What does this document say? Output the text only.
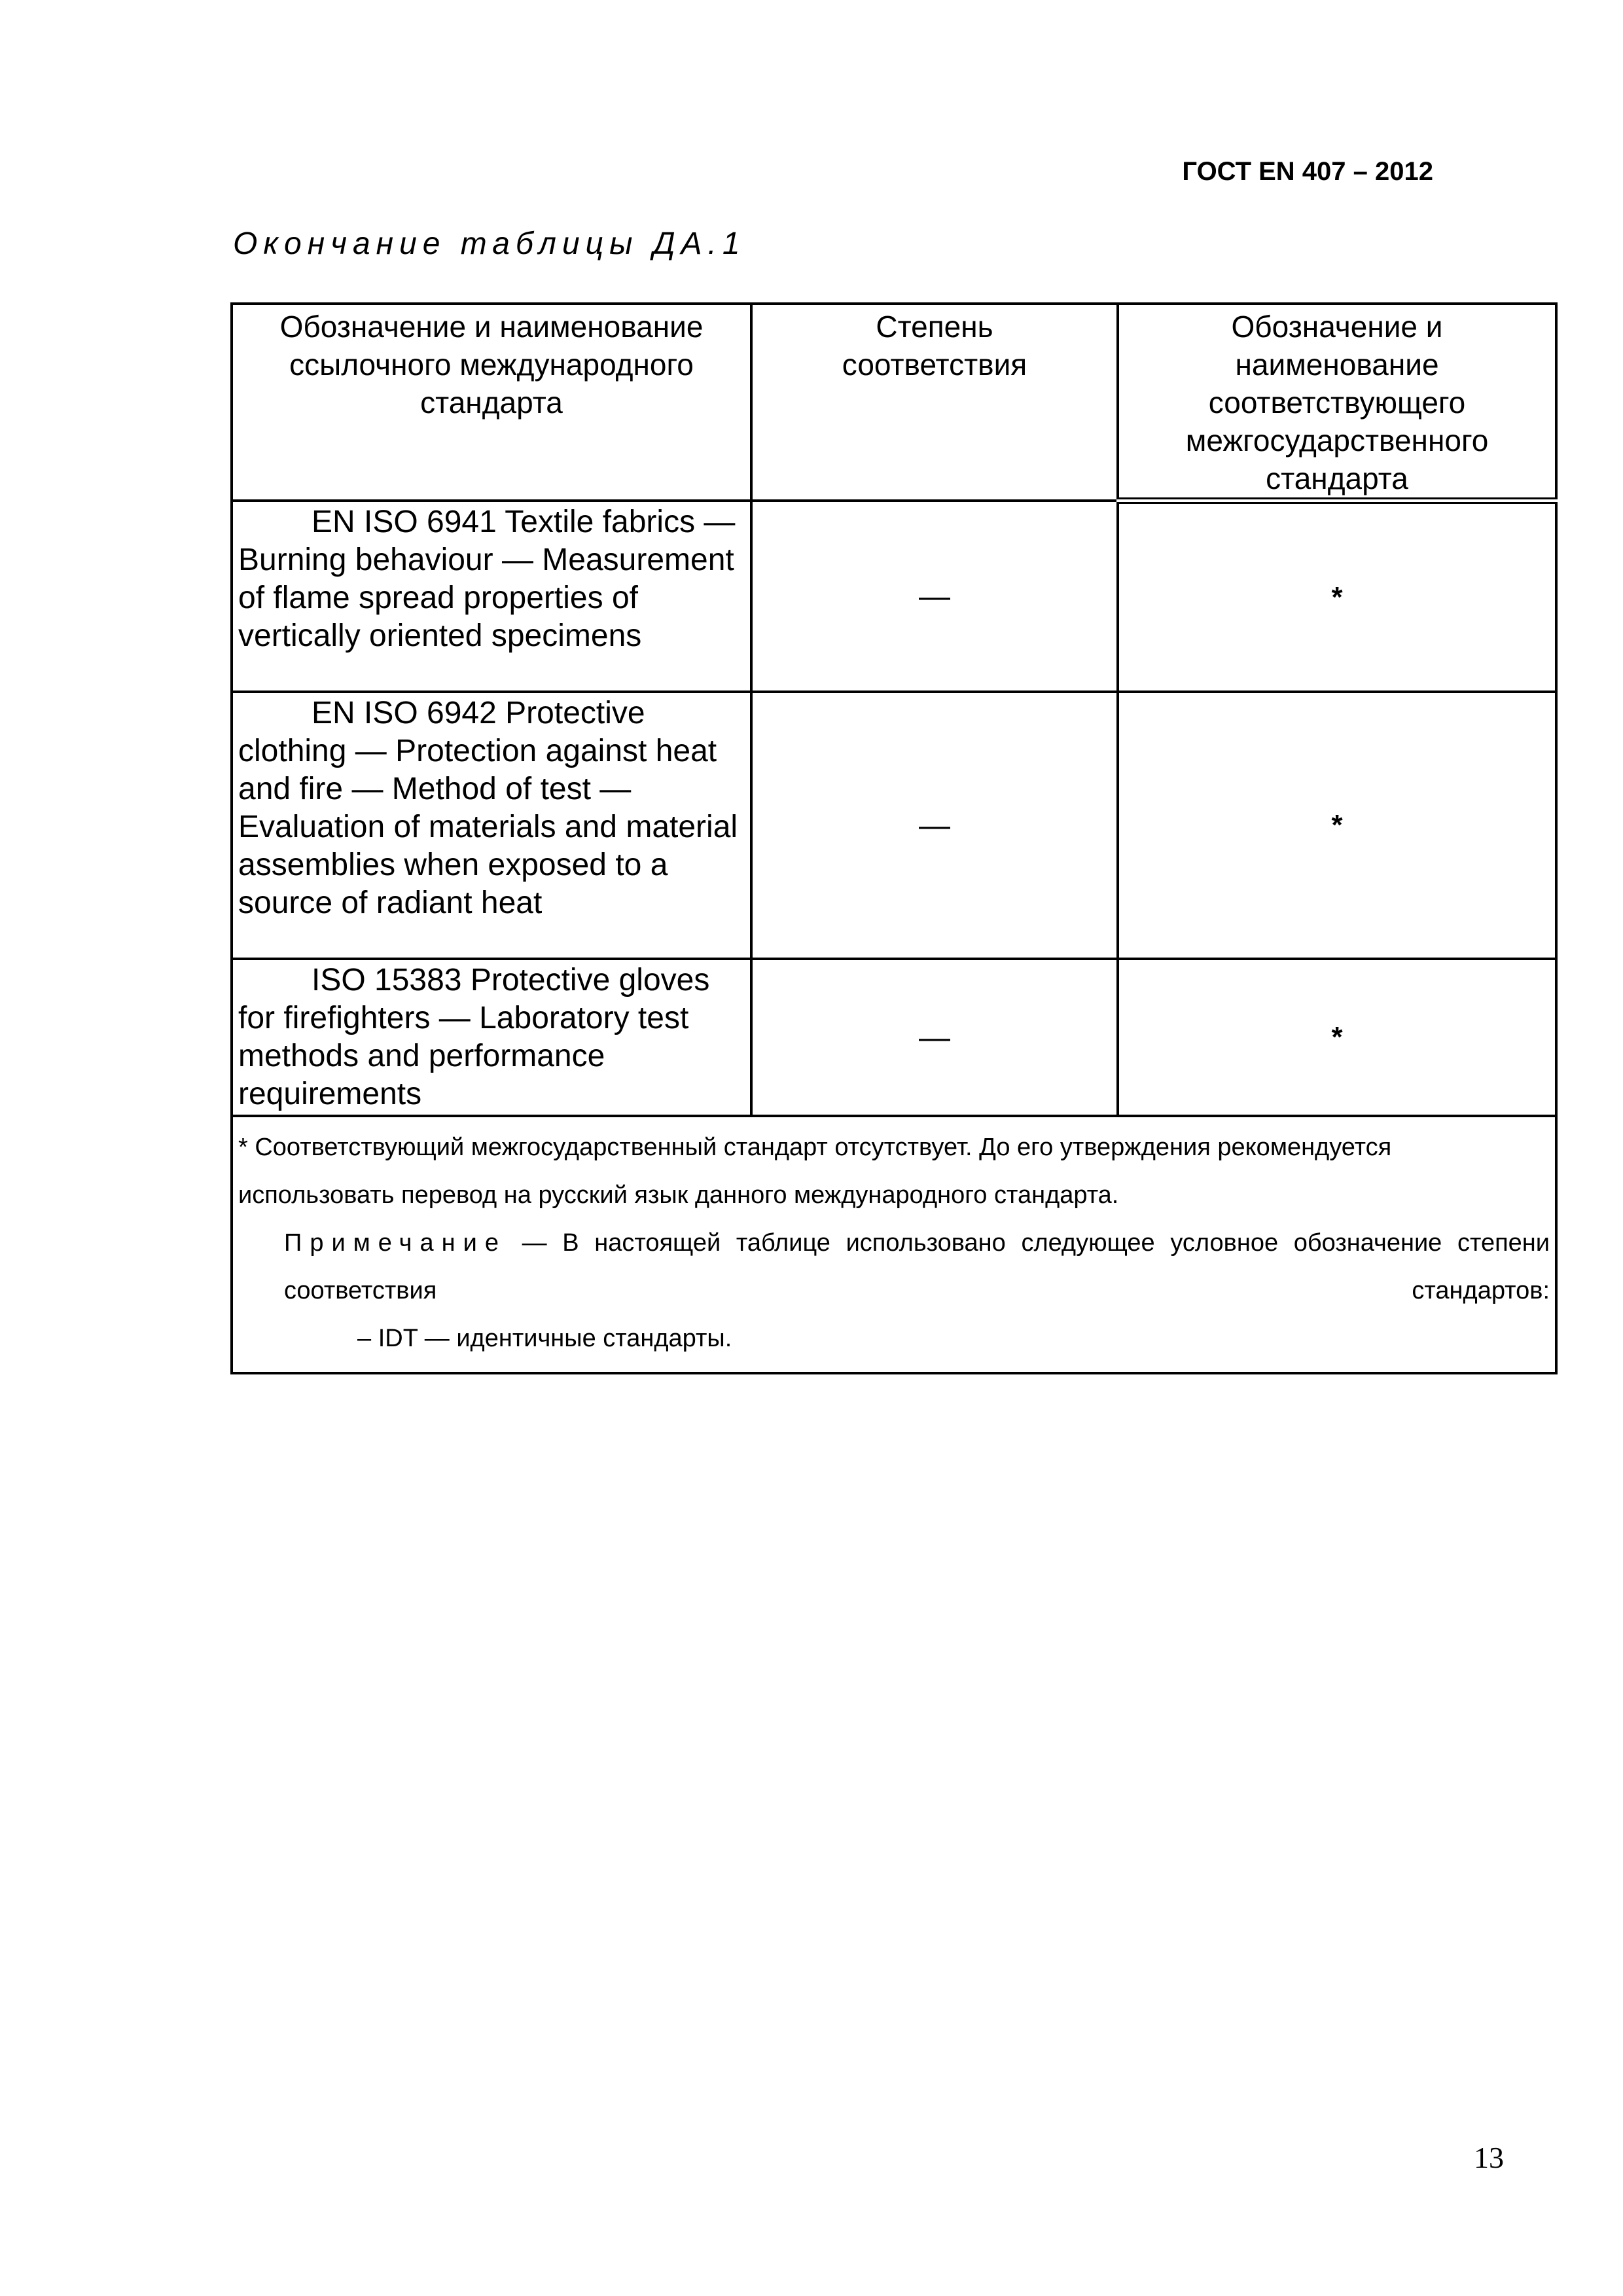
ГОСТ EN 407 – 2012
Окончание таблицы ДА.1
Обозначение и наименование ссылочного международного стандарта	Степень соответствия	Обозначение и наименование соответствующего межгосударственного стандарта
EN ISO 6941 Textile fabrics — Burning behaviour — Measurement of flame spread properties of vertically oriented specimens	—	*
EN ISO 6942 Protective clothing — Protection against heat and fire — Method of test — Evaluation of materials and material assemblies when exposed to a source of radiant heat	—	*
ISO 15383 Protective gloves for firefighters — Laboratory test methods and performance requirements	—	*

* Соответствующий межгосударственный стандарт отсутствует. До его утверждения рекомендуется использовать перевод на русский язык данного международного стандарта.
Примечание — В настоящей таблице использовано следующее условное обозначение степени соответствия стандартов:
– IDT — идентичные стандарты.		
13
